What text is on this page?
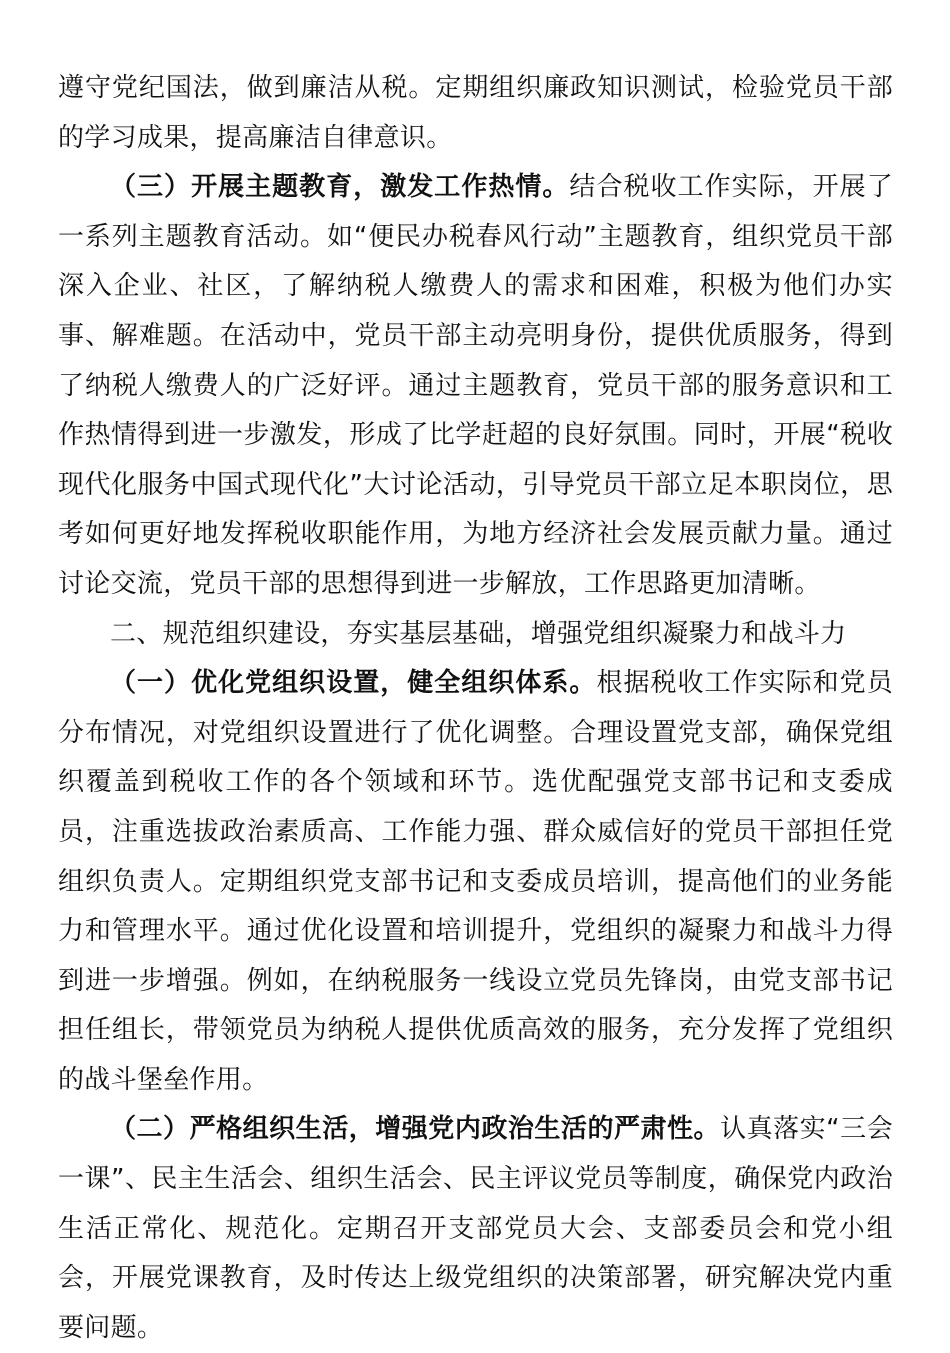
遵守党纪国法，做到廉洁从税。定期组织廉政知识测试，检验党员干部的学习成果，提高廉洁自律意识。

（三）开展主题教育，激发工作热情。结合税收工作实际，开展了一系列主题教育活动。如“便民办税春风行动”主题教育，组织党员干部深入企业、社区，了解纳税人缴费人的需求和困难，积极为他们办实事、解难题。在活动中，党员干部主动亮明身份，提供优质服务，得到了纳税人缴费人的广泛好评。通过主题教育，党员干部的服务意识和工作热情得到进一步激发，形成了比学赶超的良好氛围。同时，开展“税收现代化服务中国式现代化”大讨论活动，引导党员干部立足本职岗位，思考如何更好地发挥税收职能作用，为地方经济社会发展贡献力量。通过讨论交流，党员干部的思想得到进一步解放，工作思路更加清晰。

二、规范组织建设，夯实基层基础，增强党组织凝聚力和战斗力

（一）优化党组织设置，健全组织体系。根据税收工作实际和党员分布情况，对党组织设置进行了优化调整。合理设置党支部，确保党组织覆盖到税收工作的各个领域和环节。选优配强党支部书记和支委成员，注重选拔政治素质高、工作能力强、群众威信好的党员干部担任党组织负责人。定期组织党支部书记和支委成员培训，提高他们的业务能力和管理水平。通过优化设置和培训提升，党组织的凝聚力和战斗力得到进一步增强。例如，在纳税服务一线设立党员先锋岗，由党支部书记担任组长，带领党员为纳税人提供优质高效的服务，充分发挥了党组织的战斗堡垒作用。

（二）严格组织生活，增强党内政治生活的严肃性。认真落实“三会一课”、民主生活会、组织生活会、民主评议党员等制度，确保党内政治生活正常化、规范化。定期召开支部党员大会、支部委员会和党小组会，开展党课教育，及时传达上级党组织的决策部署，研究解决党内重要问题。
